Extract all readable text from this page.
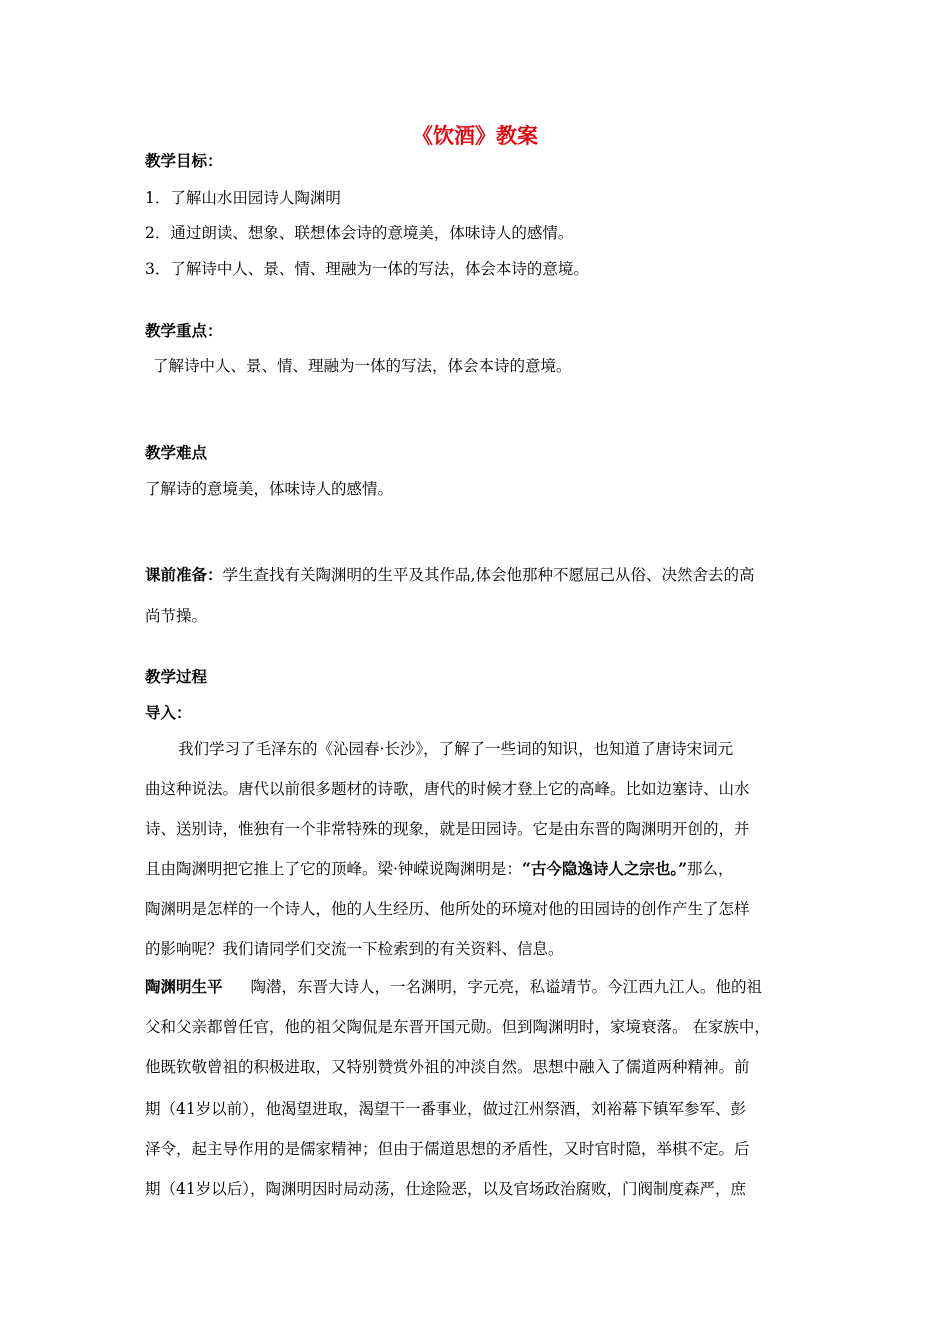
《饮酒》教案
教学目标：
1．了解山水田园诗人陶渊明
2．通过朗读、想象、联想体会诗的意境美，体味诗人的感情。
3．了解诗中人、景、情、理融为一体的写法，体会本诗的意境。
教学重点：
了解诗中人、景、情、理融为一体的写法，体会本诗的意境。
教学难点
了解诗的意境美，体味诗人的感情。
课前准备：学生查找有关陶渊明的生平及其作品,体会他那种不愿屈己从俗、决然舍去的高
尚节操。
教学过程
导入：
我们学习了毛泽东的《沁园春·长沙》，了解了一些词的知识，也知道了唐诗宋词元
曲这种说法。唐代以前很多题材的诗歌，唐代的时候才登上它的高峰。比如边塞诗、山水
诗、送别诗，惟独有一个非常特殊的现象，就是田园诗。它是由东晋的陶渊明开创的，并
且由陶渊明把它推上了它的顶峰。梁·钟嵘说陶渊明是：“古今隐逸诗人之宗也。”那么，
陶渊明是怎样的一个诗人，他的人生经历、他所处的环境对他的田园诗的创作产生了怎样
的影响呢？我们请同学们交流一下检索到的有关资料、信息。
陶渊明生平 陶潜，东晋大诗人，一名渊明，字元亮，私谥靖节。今江西九江人。他的祖
父和父亲都曾任官，他的祖父陶侃是东晋开国元勋。但到陶渊明时，家境衰落。 在家族中，
他既钦敬曾祖的积极进取，又特别赞赏外祖的冲淡自然。思想中融入了儒道两种精神。前
期（41岁以前），他渴望进取，渴望干一番事业，做过江州祭酒，刘裕幕下镇军参军、彭
泽令，起主导作用的是儒家精神；但由于儒道思想的矛盾性，又时官时隐，举棋不定。后
期（41岁以后），陶渊明因时局动荡，仕途险恶，以及官场政治腐败，门阀制度森严，庶
